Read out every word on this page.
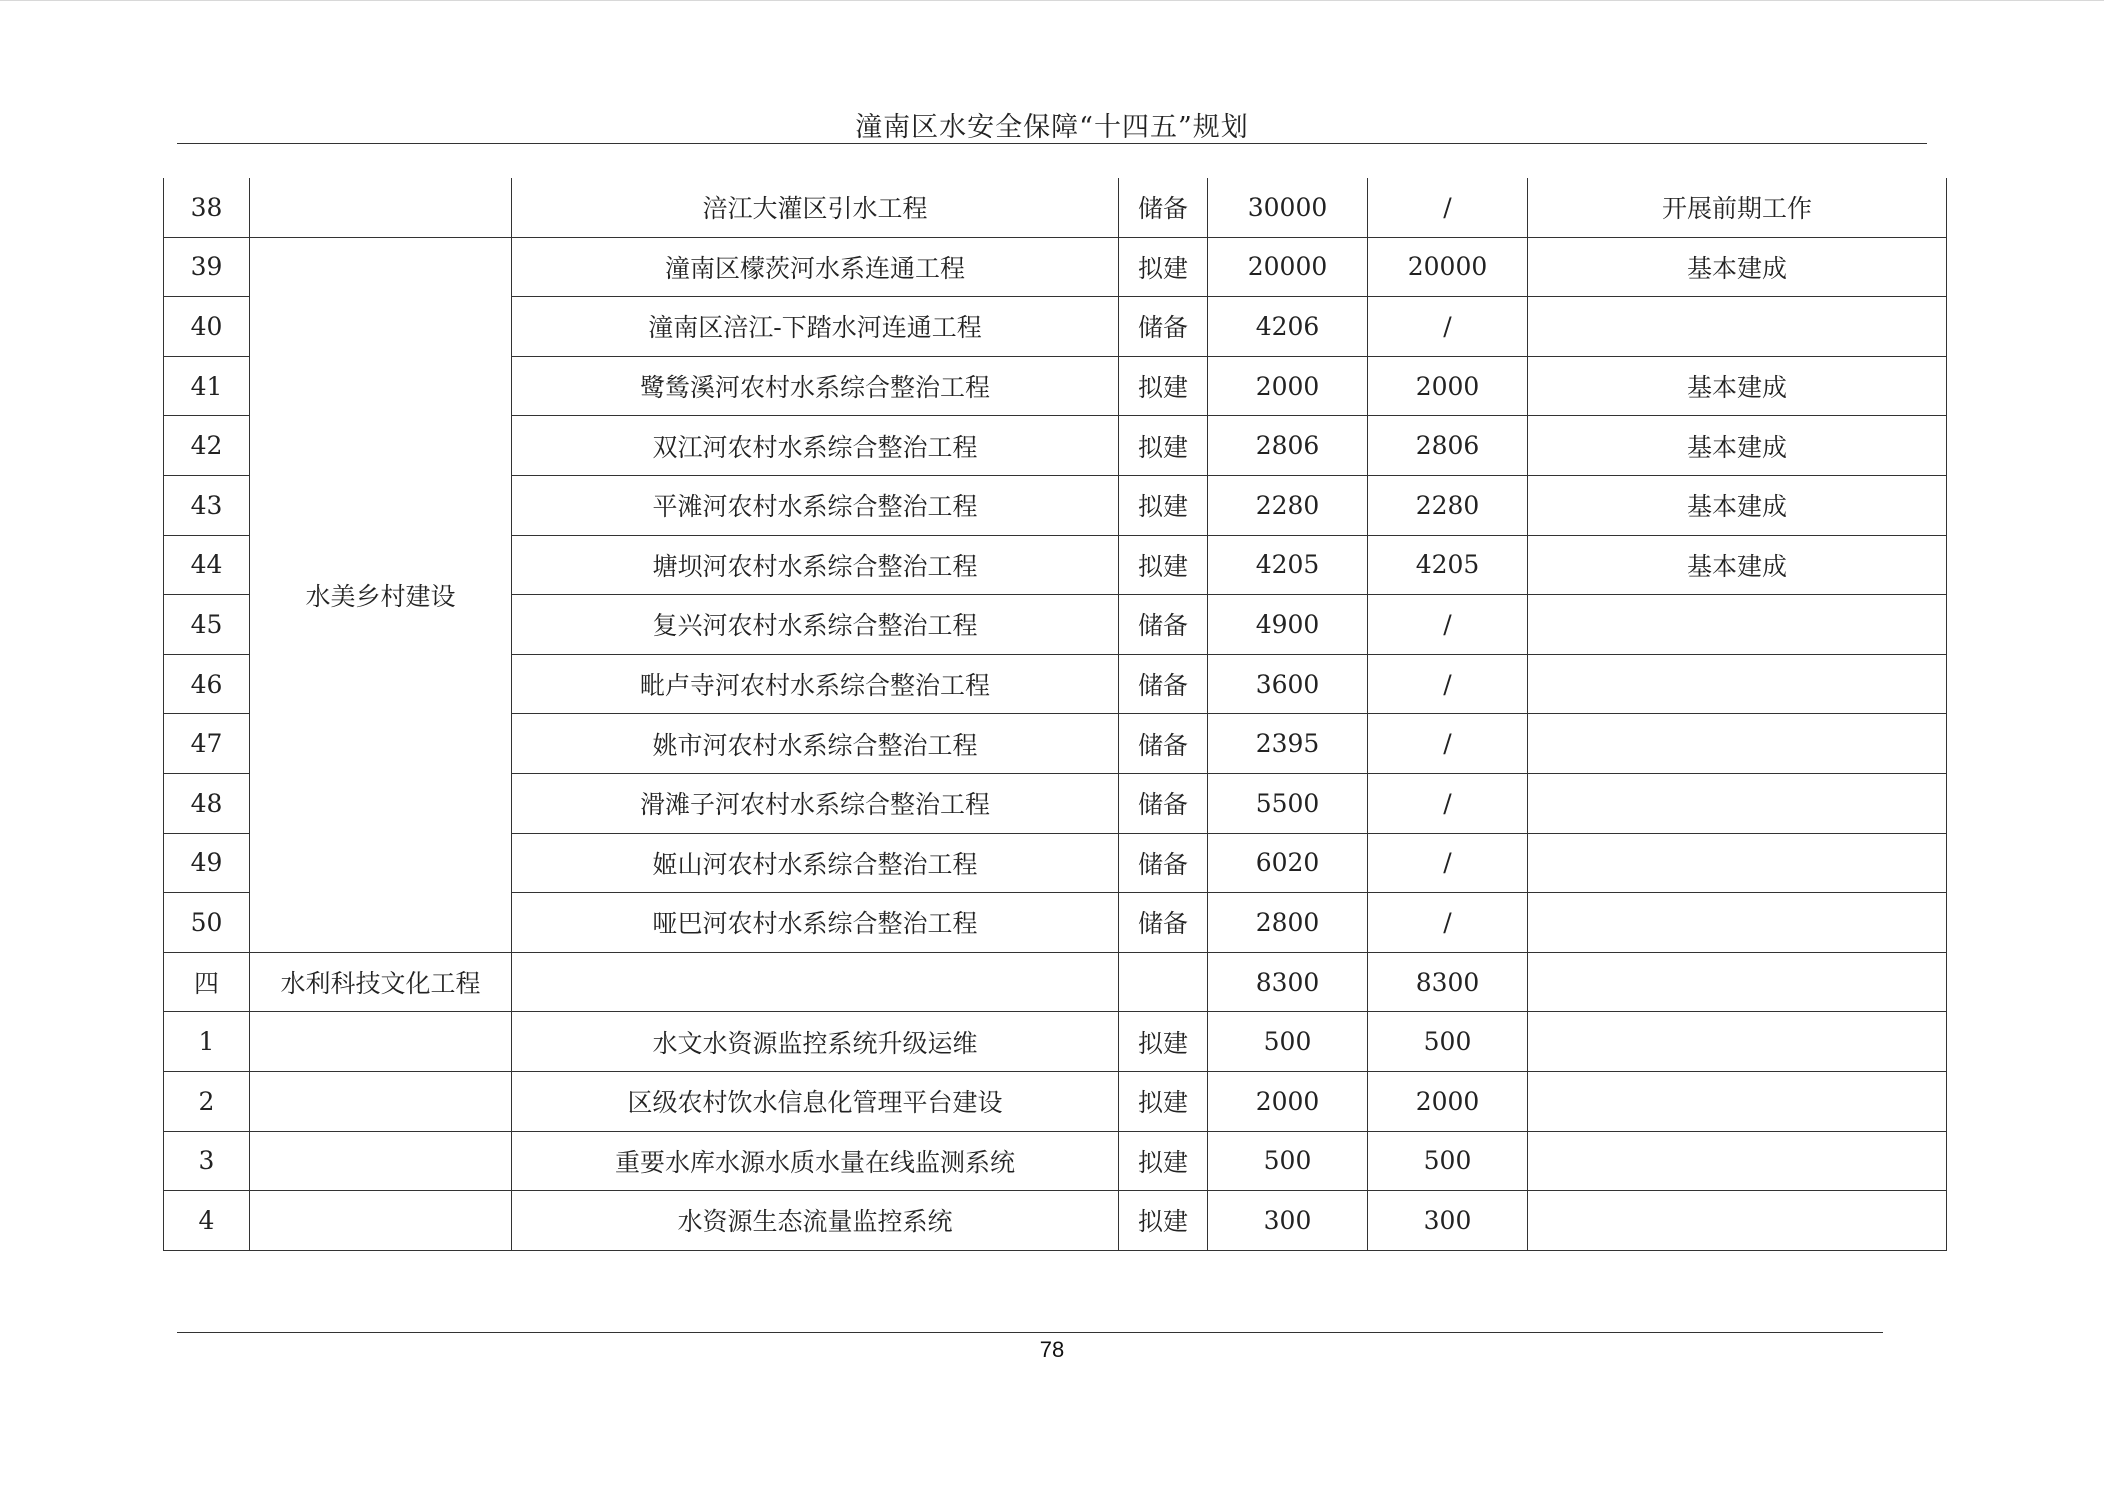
潼南区水安全保障“十四五”规划
38		涪江大灌区引水工程	储备	30000	/	开展前期工作
39	水美乡村建设	潼南区檬茨河水系连通工程	拟建	20000	20000	基本建成
40		潼南区涪江-下踏水河连通工程	储备	4206	/	
41		鹭鸶溪河农村水系综合整治工程	拟建	2000	2000	基本建成
42		双江河农村水系综合整治工程	拟建	2806	2806	基本建成
43		平滩河农村水系综合整治工程	拟建	2280	2280	基本建成
44		塘坝河农村水系综合整治工程	拟建	4205	4205	基本建成
45		复兴河农村水系综合整治工程	储备	4900	/	
46		毗卢寺河农村水系综合整治工程	储备	3600	/	
47		姚市河农村水系综合整治工程	储备	2395	/	
48		滑滩子河农村水系综合整治工程	储备	5500	/	
49		姬山河农村水系综合整治工程	储备	6020	/	
50		哑巴河农村水系综合整治工程	储备	2800	/	
四	水利科技文化工程			8300	8300	
1		水文水资源监控系统升级运维	拟建	500	500	
2		区级农村饮水信息化管理平台建设	拟建	2000	2000	
3		重要水库水源水质水量在线监测系统	拟建	500	500	
4		水资源生态流量监控系统	拟建	300	300	
78
